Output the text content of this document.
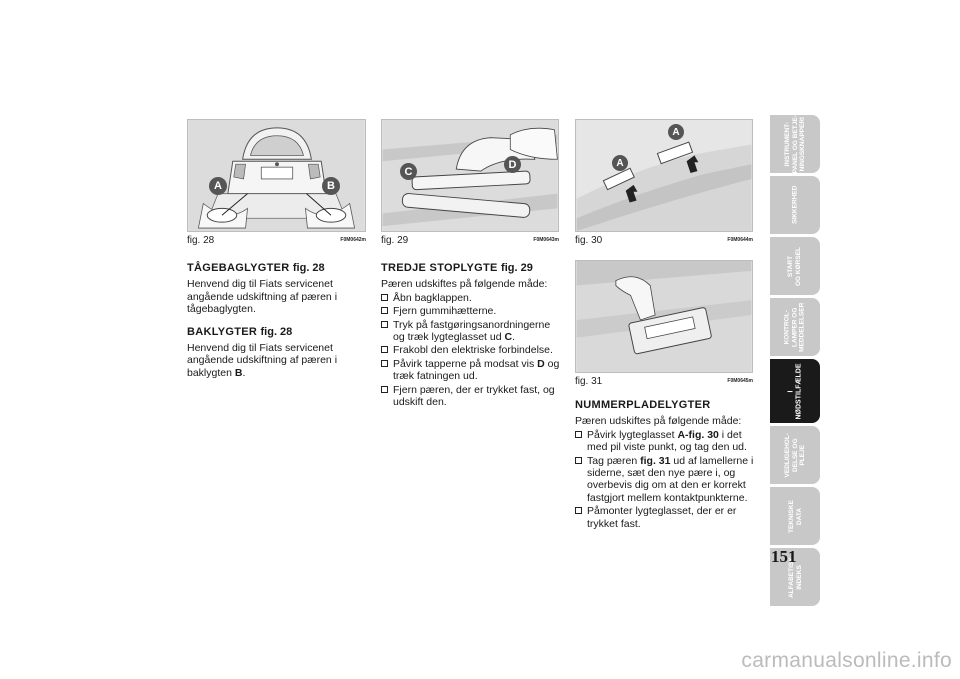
A	B
fig. 28	F0M0642m
C
D
fig. 29	F0M0643m
A
A
fig. 30	F0M0644m
fig. 31	F0M0645m
TÅGEBAGLYGTER fig. 28

Henvend dig til Fiats servicenet angående udskiftning af pæren i tågebaglygten.

BAKLYGTER fig. 28

Henvend dig til Fiats servicenet angående udskiftning af pæren i baklygten B.

TREDJE STOPLYGTE fig. 29
Pæren udskiftes på følgende måde:
Åbn bagklappen.
Fjern gummihætterne.
Tryk på fastgøringsanordningerne og træk lygteglasset ud C.
Frakobl den elektriske forbindelse.
Påvirk tapperne på modsat vis D og træk fatningen ud.
Fjern pæren, der er trykket fast, og udskift den.	NUMMERPLADELYGTER
Pæren udskiftes på følgende måde:
Påvirk lygteglasset A-fig. 30 i det med pil viste punkt, og tag den ud.
Tag pæren fig. 31 ud af lamellerne i siderne, sæt den nye pære i, og overbevis dig om at den er korrekt fastgjort mellem kontaktpunkterne.
Påmonter lygteglasset, der er er trykket fast.
INSTRUMENT-
PANEL OG BETJE-
NINGSKNAPPERI
SIKKERHED
START
OG KØRSEL
KONTROL-
LAMPER OG
MEDDELELSER
I
NØDSTILFÆLDE
VEDLIGEHOL-
DELSE OG
PLEJE
TEKNISKE
DATA
ALFABETISK
INDEKS
151
carmanualsonline.info
